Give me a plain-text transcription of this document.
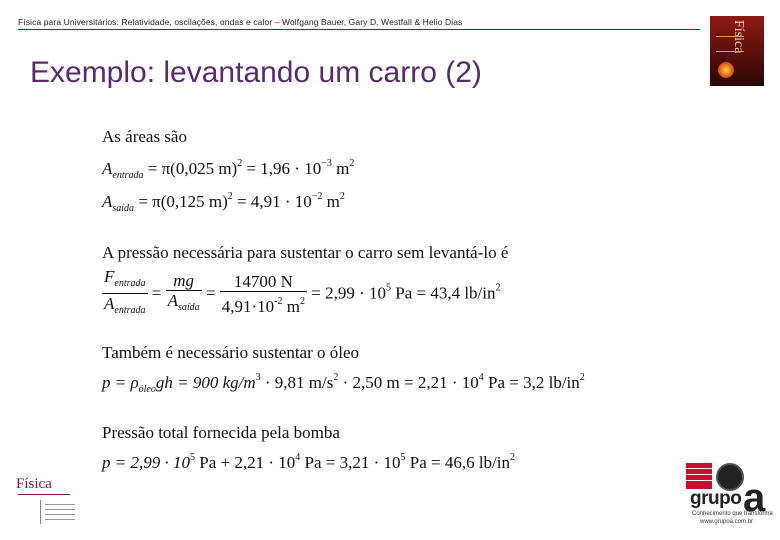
Física para Universitários: Relatividade, oscilações, ondas e calor – Wolfgang Bauer, Gary D. Westfall & Helio Dias	Física
Exemplo: levantando um carro (2)
As áreas são
$A_{entrada} = \pi(0,025$ $m)^2 = 1,96 \cdot 10^{-3}$ $m^2$
$A_{saída} = \pi(0,125$ $m)^2 = 4,91 \cdot 10^{-2}$ $m^2$
A pressão necessária para sustentar o carro sem levantá-lo é
$\frac{F_{entrada}}{A_{entrada}} = \frac{mg}{A_{saída}} = \frac{14700 N}{4,91\cdot 10^{-2} m^2} = 2,99 \cdot 10^5$ Pa = 43,4 $lb/in^2$
Também é necessário sustentar o óleo
$p = \rho_{óleo}gh = 900$ $kg/m^3 \cdot 9,81$ $m/s^2 \cdot 2,50$ $m = 2,21 \cdot 10^4$ Pa = 3,2 $lb/in^2$
Pressão total fornecida pela bomba
$p = 2,99 \cdot 10^5$ $Pa + 2,21 \cdot 10^4$ $Pa = 3,21 \cdot 10^5$ Pa = 46,6 $lb/in^2$
Física
grupo a
Conhecimento que transforma
www.grupoa.com.br
